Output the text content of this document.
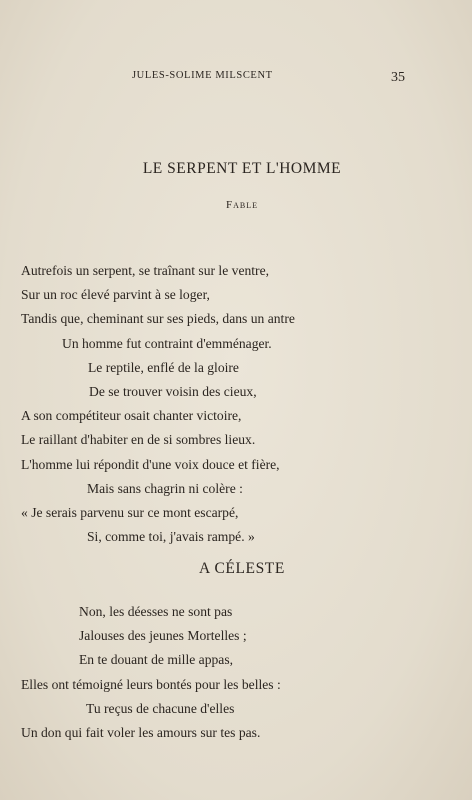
JULES-SOLIME MILSCENT	35
LE SERPENT ET L'HOMME
Fable
Autrefois un serpent, se traînant sur le ventre,
Sur un roc élevé parvint à se loger,
Tandis que, cheminant sur ses pieds, dans un antre
Un homme fut contraint d'emménager.
Le reptile, enflé de la gloire
De se trouver voisin des cieux,
A son compétiteur osait chanter victoire,
Le raillant d'habiter en de si sombres lieux.
L'homme lui répondit d'une voix douce et fière,
Mais sans chagrin ni colère :
« Je serais parvenu sur ce mont escarpé,
Si, comme toi, j'avais rampé. »
A CÉLESTE
Non, les déesses ne sont pas
Jalouses des jeunes Mortelles ;
En te douant de mille appas,
Elles ont témoigné leurs bontés pour les belles :
Tu reçus de chacune d'elles
Un don qui fait voler les amours sur tes pas.
